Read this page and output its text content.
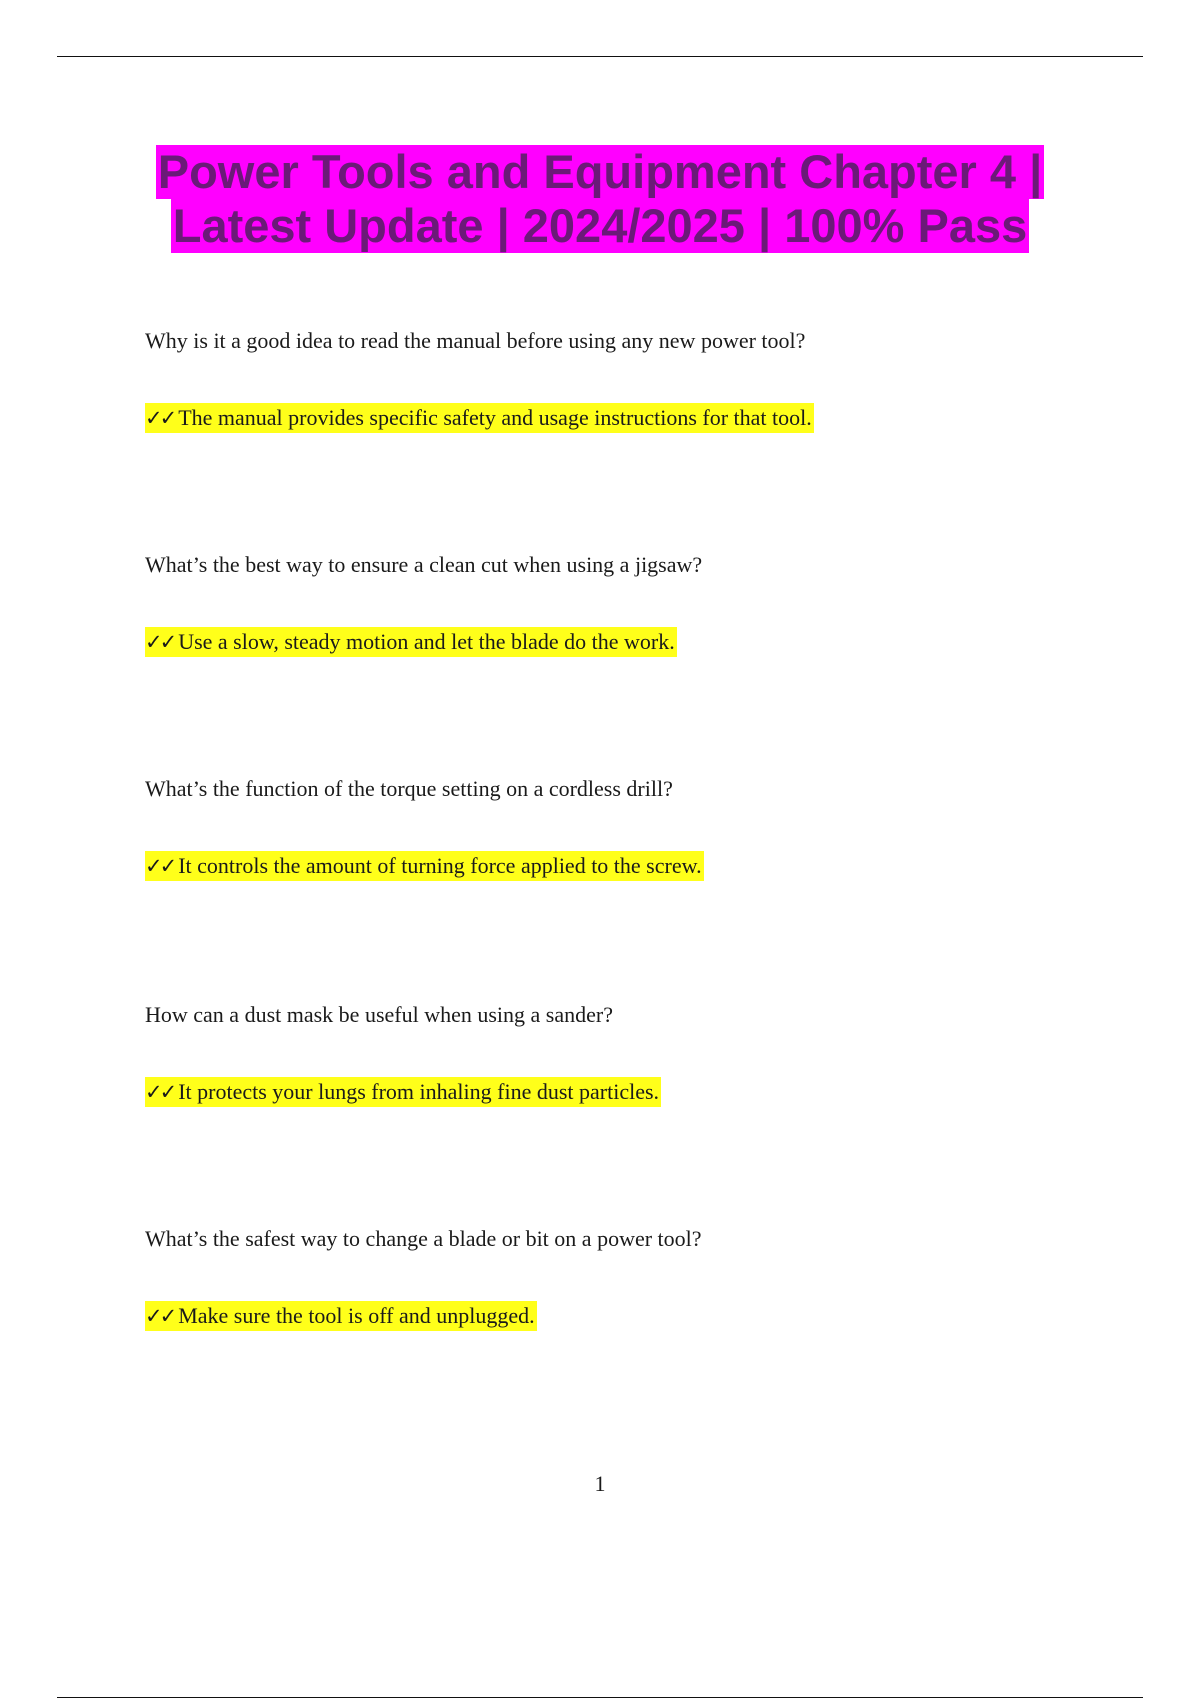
Power Tools and Equipment Chapter 4 |
Latest Update | 2024/2025 | 100% Pass
Why is it a good idea to read the manual before using any new power tool?
✓✓ The manual provides specific safety and usage instructions for that tool.
What’s the best way to ensure a clean cut when using a jigsaw?
✓✓ Use a slow, steady motion and let the blade do the work.
What’s the function of the torque setting on a cordless drill?
✓✓ It controls the amount of turning force applied to the screw.
How can a dust mask be useful when using a sander?
✓✓ It protects your lungs from inhaling fine dust particles.
What’s the safest way to change a blade or bit on a power tool?
✓✓ Make sure the tool is off and unplugged.
1
